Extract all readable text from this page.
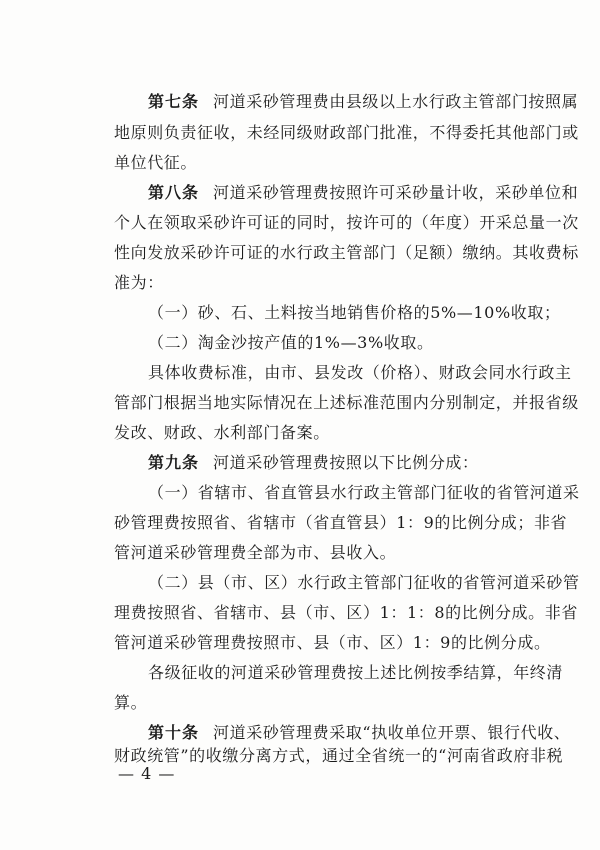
第七条 河道采砂管理费由县级以上水行政主管部门按照属
地原则负责征收，未经同级财政部门批准，不得委托其他部门或
单位代征。
第八条 河道采砂管理费按照许可采砂量计收，采砂单位和
个人在领取采砂许可证的同时，按许可的（年度）开采总量一次
性向发放采砂许可证的水行政主管部门（足额）缴纳。其收费标
准为：
（一）砂、石、土料按当地销售价格的5%—10%收取；
（二）淘金沙按产值的1%—3%收取。
具体收费标准，由市、县发改（价格）、财政会同水行政主
管部门根据当地实际情况在上述标准范围内分别制定，并报省级
发改、财政、水利部门备案。
第九条 河道采砂管理费按照以下比例分成：
（一）省辖市、省直管县水行政主管部门征收的省管河道采
砂管理费按照省、省辖市（省直管县）1：9的比例分成；非省
管河道采砂管理费全部为市、县收入。
（二）县（市、区）水行政主管部门征收的省管河道采砂管
理费按照省、省辖市、县（市、区）1：1：8的比例分成。非省
管河道采砂管理费按照市、县（市、区）1：9的比例分成。
各级征收的河道采砂管理费按上述比例按季结算，年终清
算。
第十条 河道采砂管理费采取“执收单位开票、银行代收、
财政统管”的收缴分离方式，通过全省统一的“河南省政府非税
— 4 —
